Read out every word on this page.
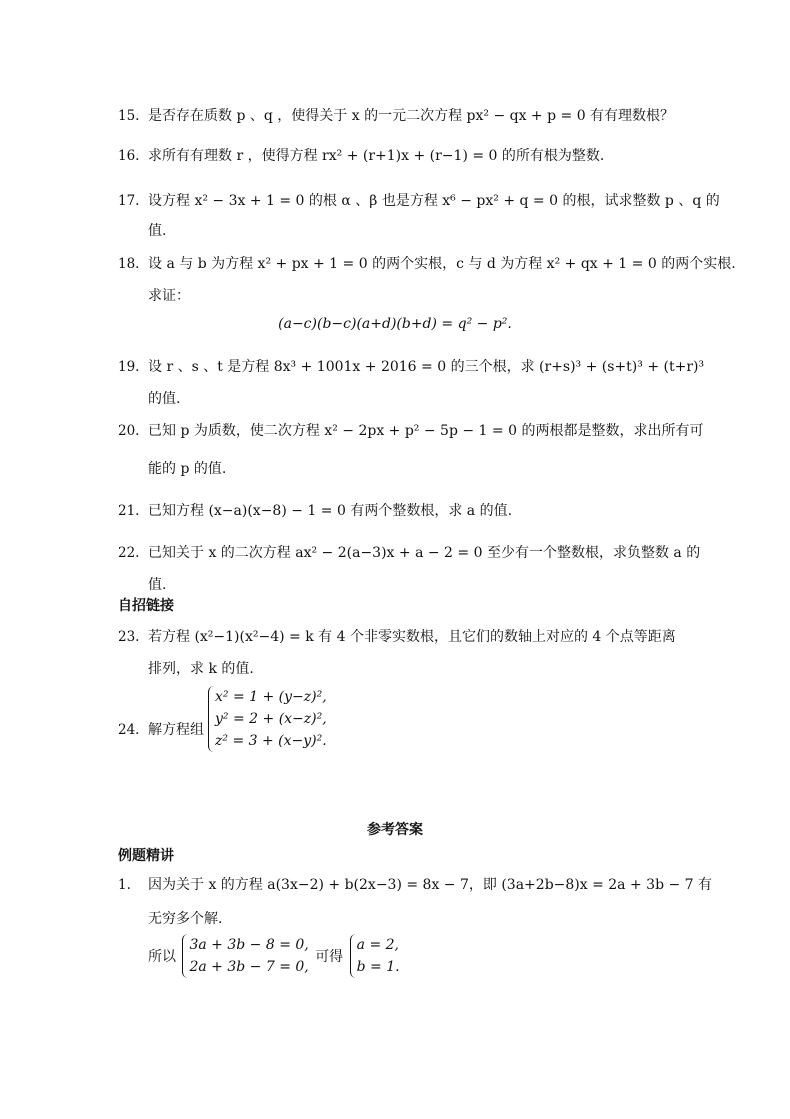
15. 是否存在质数 p 、q ，使得关于 x 的一元二次方程 px² − qx + p = 0 有有理数根？
16. 求所有有理数 r ，使得方程 rx² + (r+1)x + (r−1) = 0 的所有根为整数.
17. 设方程 x² − 3x + 1 = 0 的根 α 、β 也是方程 x⁶ − px² + q = 0 的根，试求整数 p 、q 的
值.
18. 设 a 与 b 为方程 x² + px + 1 = 0 的两个实根，c 与 d 为方程 x² + qx + 1 = 0 的两个实根.
求证：
(a−c)(b−c)(a+d)(b+d) = q² − p².
19. 设 r 、s 、t 是方程 8x³ + 1001x + 2016 = 0 的三个根，求 (r+s)³ + (s+t)³ + (t+r)³
的值.
20. 已知 p 为质数，使二次方程 x² − 2px + p² − 5p − 1 = 0 的两根都是整数，求出所有可
能的 p 的值.
21. 已知方程 (x−a)(x−8) − 1 = 0 有两个整数根，求 a 的值.
22. 已知关于 x 的二次方程 ax² − 2(a−3)x + a − 2 = 0 至少有一个整数根，求负整数 a 的
值.
自招链接
23. 若方程 (x²−1)(x²−4) = k 有 4 个非零实数根，且它们的数轴上对应的 4 个点等距离
排列，求 k 的值.
24. 解方程组
x² = 1 + (y−z)²,
y² = 2 + (x−z)²,
z² = 3 + (x−y)².
参考答案
例题精讲
1.	因为关于 x 的方程 a(3x−2) + b(2x−3) = 8x − 7，即 (3a+2b−8)x = 2a + 3b − 7 有
无穷多个解.
所以
3a + 3b − 8 = 0,
2a + 3b − 7 = 0,
可得
a = 2,
b = 1.
